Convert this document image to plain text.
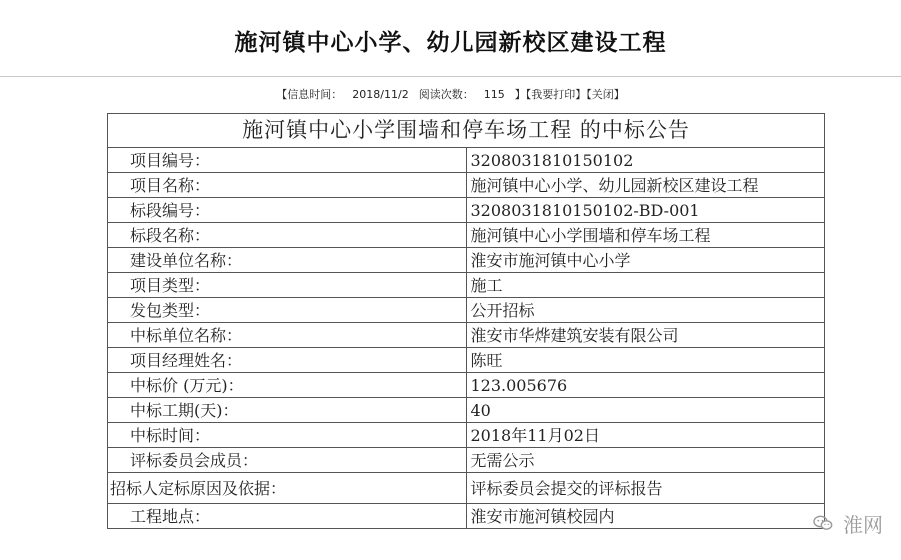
施河镇中心小学、幼儿园新校区建设工程
【信息时间： 2018/11/2 阅读次数： 115 】【我要打印】【关闭】
施河镇中心小学围墙和停车场工程 的中标公告	
项目编号：	3208031810150102
项目名称：	施河镇中心小学、幼儿园新校区建设工程
标段编号：	3208031810150102-BD-001
标段名称：	施河镇中心小学围墙和停车场工程
建设单位名称：	淮安市施河镇中心小学
项目类型：	施工
发包类型：	公开招标
中标单位名称：	淮安市华烨建筑安装有限公司
项目经理姓名：	陈旺
中标价 (万元)：	123.005676
中标工期(天)：	40
中标时间：	2018年11月02日
评标委员会成员：	无需公示
招标人定标原因及依据：	评标委员会提交的评标报告
工程地点：	淮安市施河镇校园内	淮网
